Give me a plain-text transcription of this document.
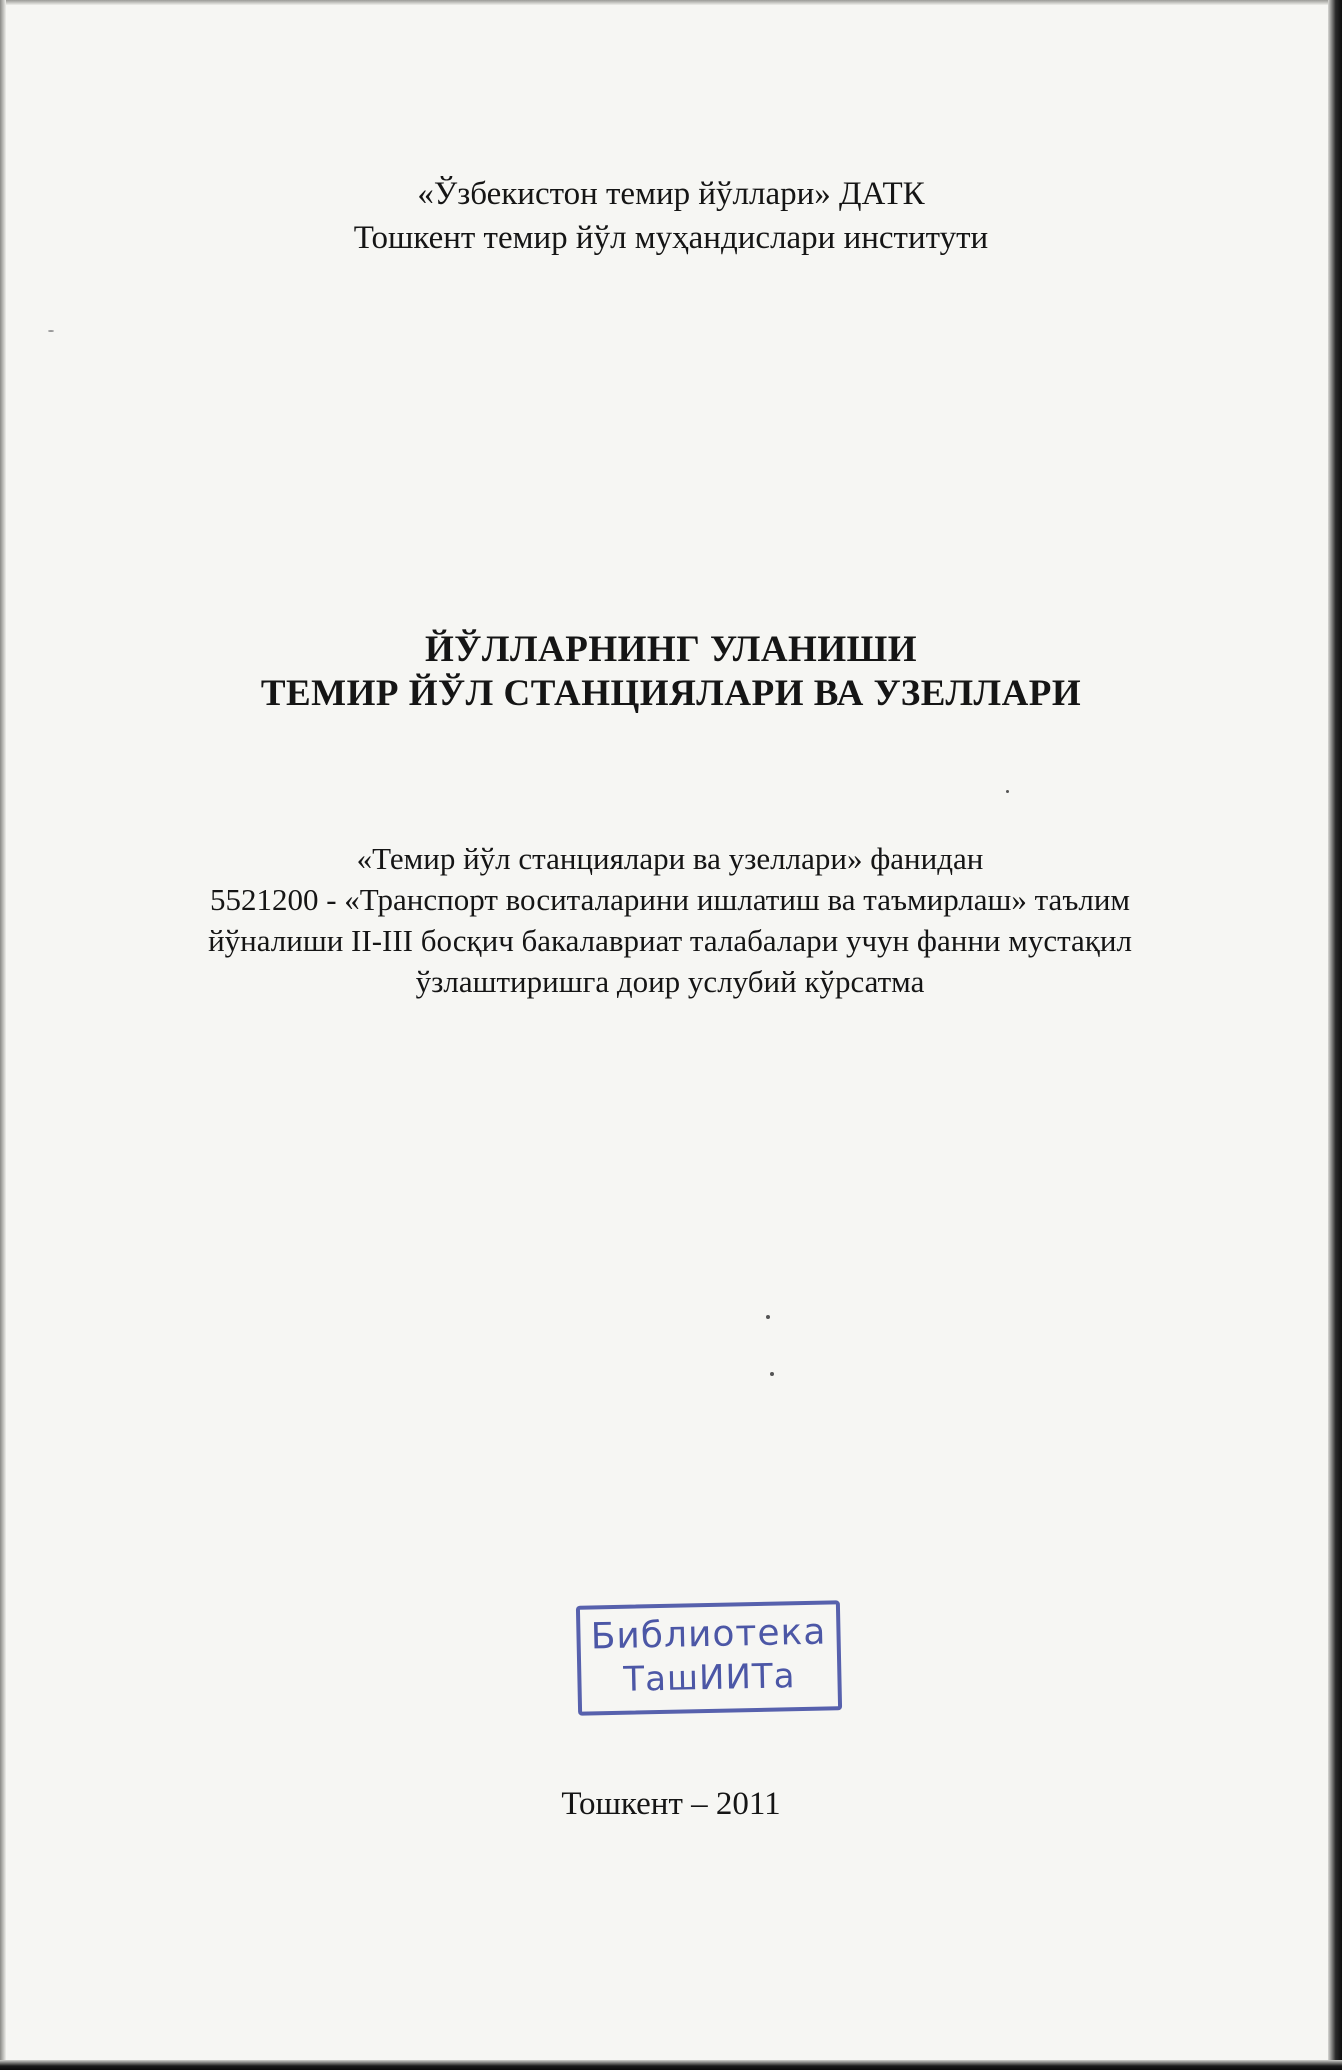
«Ўзбекистон темир йўллари» ДАТК
Тошкент темир йўл муҳандислари институти
ЙЎЛЛАРНИНГ УЛАНИШИ
ТЕМИР ЙЎЛ СТАНЦИЯЛАРИ ВА УЗЕЛЛАРИ
«Темир йўл станциялари ва узеллари» фанидан
5521200 - «Транспорт воситаларини ишлатиш ва таъмирлаш» таълим
йўналиши II-III босқич бакалавриат талабалари учун фанни мустақил
ўзлаштиришга доир услубий кўрсатма
Библиотека
ТашИИТа
Тошкент – 2011
